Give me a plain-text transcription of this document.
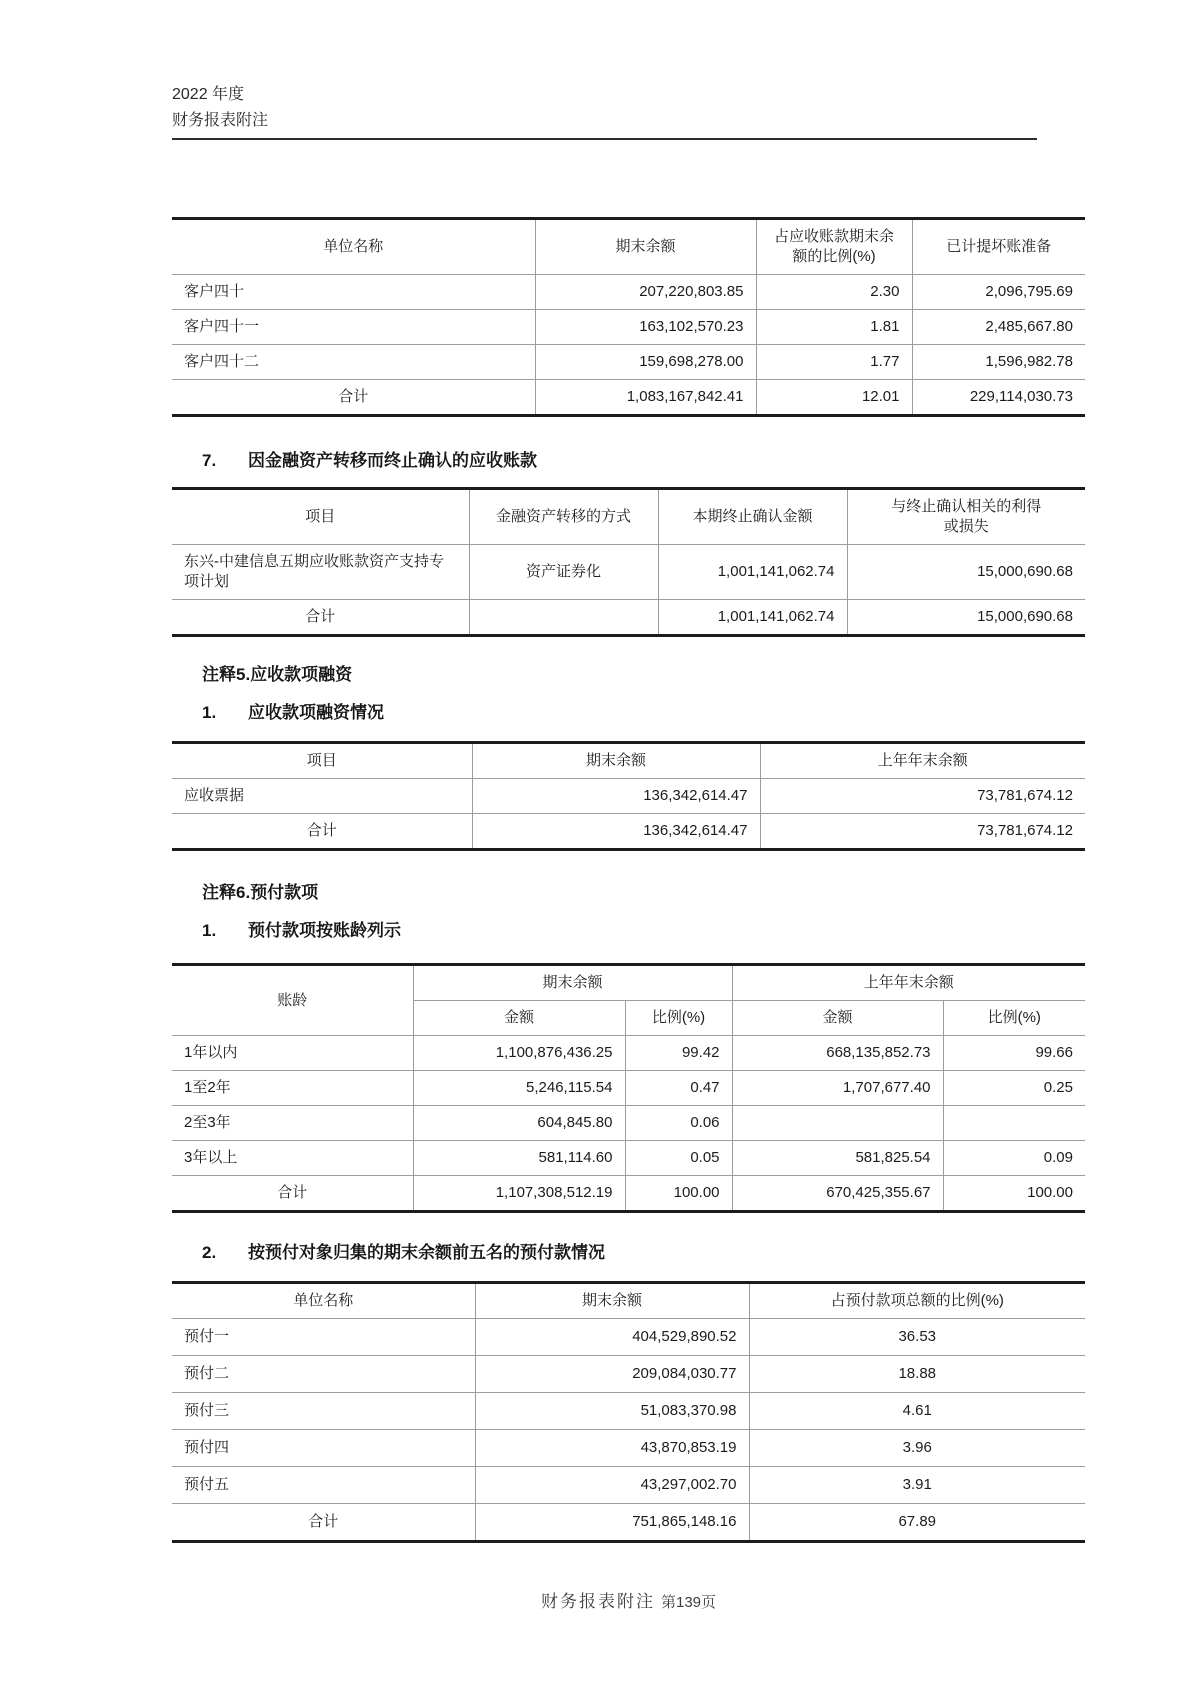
2022 年度
财务报表附注
单位名称	期末余额	占应收账款期末余额的比例(%)	已计提坏账准备
客户四十	207,220,803.85	2.30	2,096,795.69
客户四十一	163,102,570.23	1.81	2,485,667.80
客户四十二	159,698,278.00	1.77	1,596,982.78
合计	1,083,167,842.41	12.01	229,114,030.73
7. 因金融资产转移而终止确认的应收账款
项目	金融资产转移的方式	本期终止确认金额	与终止确认相关的利得
或损失
东兴-中建信息五期应收账款资产支持专项计划	资产证券化	1,001,141,062.74	15,000,690.68
合计		1,001,141,062.74	15,000,690.68
注释5.应收款项融资
1. 应收款项融资情况
项目	期末余额	上年年末余额
应收票据	136,342,614.47	73,781,674.12
合计	136,342,614.47	73,781,674.12
注释6.预付款项
1. 预付款项按账龄列示
账龄	期末余额		上年年末余额	
	金额	比例(%)	金额	比例(%)
1年以内	1,100,876,436.25	99.42	668,135,852.73	99.66
1至2年	5,246,115.54	0.47	1,707,677.40	0.25
2至3年	604,845.80	0.06		
3年以上	581,114.60	0.05	581,825.54	0.09
合计	1,107,308,512.19	100.00	670,425,355.67	100.00
2. 按预付对象归集的期末余额前五名的预付款情况
单位名称	期末余额	占预付款项总额的比例(%)
预付一	404,529,890.52	36.53
预付二	209,084,030.77	18.88
预付三	51,083,370.98	4.61
预付四	43,870,853.19	3.96
预付五	43,297,002.70	3.91
合计	751,865,148.16	67.89
财务报表附注 第139页
